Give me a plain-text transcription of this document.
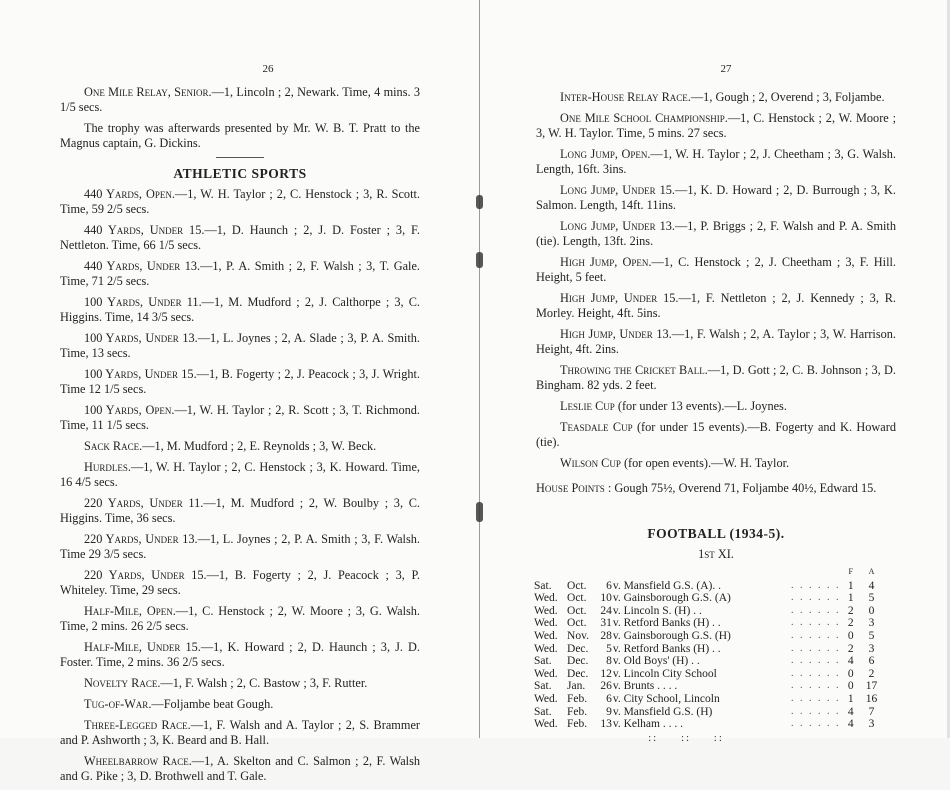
26	27

One Mile Relay, Senior.—1, Lincoln ; 2, Newark. Time, 4 mins. 3 1/5 secs.

The trophy was afterwards presented by Mr. W. B. T. Pratt to the Magnus captain, G. Dickins.

ATHLETIC SPORTS

440 Yards, Open.—1, W. H. Taylor ; 2, C. Henstock ; 3, R. Scott. Time, 59 2/5 secs.

440 Yards, Under 15.—1, D. Haunch ; 2, J. D. Foster ; 3, F. Nettleton. Time, 66 1/5 secs.

440 Yards, Under 13.—1, P. A. Smith ; 2, F. Walsh ; 3, T. Gale. Time, 71 2/5 secs.

100 Yards, Under 11.—1, M. Mudford ; 2, J. Calthorpe ; 3, C. Higgins. Time, 14 3/5 secs.

100 Yards, Under 13.—1, L. Joynes ; 2, A. Slade ; 3, P. A. Smith. Time, 13 secs.

100 Yards, Under 15.—1, B. Fogerty ; 2, J. Peacock ; 3, J. Wright. Time 12 1/5 secs.

100 Yards, Open.—1, W. H. Taylor ; 2, R. Scott ; 3, T. Richmond. Time, 11 1/5 secs.

Sack Race.—1, M. Mudford ; 2, E. Reynolds ; 3, W. Beck.

Hurdles.—1, W. H. Taylor ; 2, C. Henstock ; 3, K. Howard. Time, 16 4/5 secs.

220 Yards, Under 11.—1, M. Mudford ; 2, W. Boulby ; 3, C. Higgins. Time, 36 secs.

220 Yards, Under 13.—1, L. Joynes ; 2, P. A. Smith ; 3, F. Walsh. Time 29 3/5 secs.

220 Yards, Under 15.—1, B. Fogerty ; 2, J. Peacock ; 3, P. Whiteley. Time, 29 secs.

Half-Mile, Open.—1, C. Henstock ; 2, W. Moore ; 3, G. Walsh. Time, 2 mins. 26 2/5 secs.

Half-Mile, Under 15.—1, K. Howard ; 2, D. Haunch ; 3, J. D. Foster. Time, 2 mins. 36 2/5 secs.

Novelty Race.—1, F. Walsh ; 2, C. Bastow ; 3, F. Rutter.

Tug-of-War.—Foljambe beat Gough.

Three-Legged Race.—1, F. Walsh and A. Taylor ; 2, S. Brammer and P. Ashworth ; 3, K. Beard and B. Hall.

Wheelbarrow Race.—1, A. Skelton and C. Salmon ; 2, F. Walsh and G. Pike ; 3, D. Brothwell and T. Gale.

Inter-House Relay Race.—1, Gough ; 2, Overend ; 3, Foljambe.

One Mile School Championship.—1, C. Henstock ; 2, W. Moore ; 3, W. H. Taylor. Time, 5 mins. 27 secs.

Long Jump, Open.—1, W. H. Taylor ; 2, J. Cheetham ; 3, G. Walsh. Length, 16ft. 3ins.

Long Jump, Under 15.—1, K. D. Howard ; 2, D. Burrough ; 3, K. Salmon. Length, 14ft. 11ins.

Long Jump, Under 13.—1, P. Briggs ; 2, F. Walsh and P. A. Smith (tie). Length, 13ft. 2ins.

High Jump, Open.—1, C. Henstock ; 2, J. Cheetham ; 3, F. Hill. Height, 5 feet.

High Jump, Under 15.—1, F. Nettleton ; 2, J. Kennedy ; 3, R. Morley. Height, 4ft. 5ins.

High Jump, Under 13.—1, F. Walsh ; 2, A. Taylor ; 3, W. Harrison. Height, 4ft. 2ins.

Throwing the Cricket Ball.—1, D. Gott ; 2, C. B. Johnson ; 3, D. Bingham. 82 yds. 2 feet.

Leslie Cup (for under 13 events).—L. Joynes.

Teasdale Cup (for under 15 events).—B. Fogerty and K. Howard (tie).

Wilson Cup (for open events).—W. H. Taylor.

House Points : Gough 75½, Overend 71, Foljambe 40½, Edward 15.

FOOTBALL (1934-5).
1st XI.
					F	A
Sat.	Oct.	6	v. Mansfield G.S. (A). .	. . . . . .	1	4
Wed.	Oct.	10	v. Gainsborough G.S. (A)	. . . . . .	1	5
Wed.	Oct.	24	v. Lincoln S. (H) . .	. . . . . .	2	0
Wed.	Oct.	31	v. Retford Banks (H) . .	. . . . . .	2	3
Wed.	Nov.	28	v. Gainsborough G.S. (H)	. . . . . .	0	5
Wed.	Dec.	5	v. Retford Banks (H) . .	. . . . . .	2	3
Sat.	Dec.	8	v. Old Boys' (H) . .	. . . . . .	4	6
Wed.	Dec.	12	v. Lincoln City School	. . . . . .	0	2
Sat.	Jan.	26	v. Brunts . . . .	. . . . . .	0	17
Wed.	Feb.	6	v. City School, Lincoln	. . . . . .	1	16
Sat.	Feb.	9	v. Mansfield G.S. (H)	. . . . . .	4	7
Wed.	Feb.	13	v. Kelham . . . .	. . . . . .	4	3
:: :: ::
